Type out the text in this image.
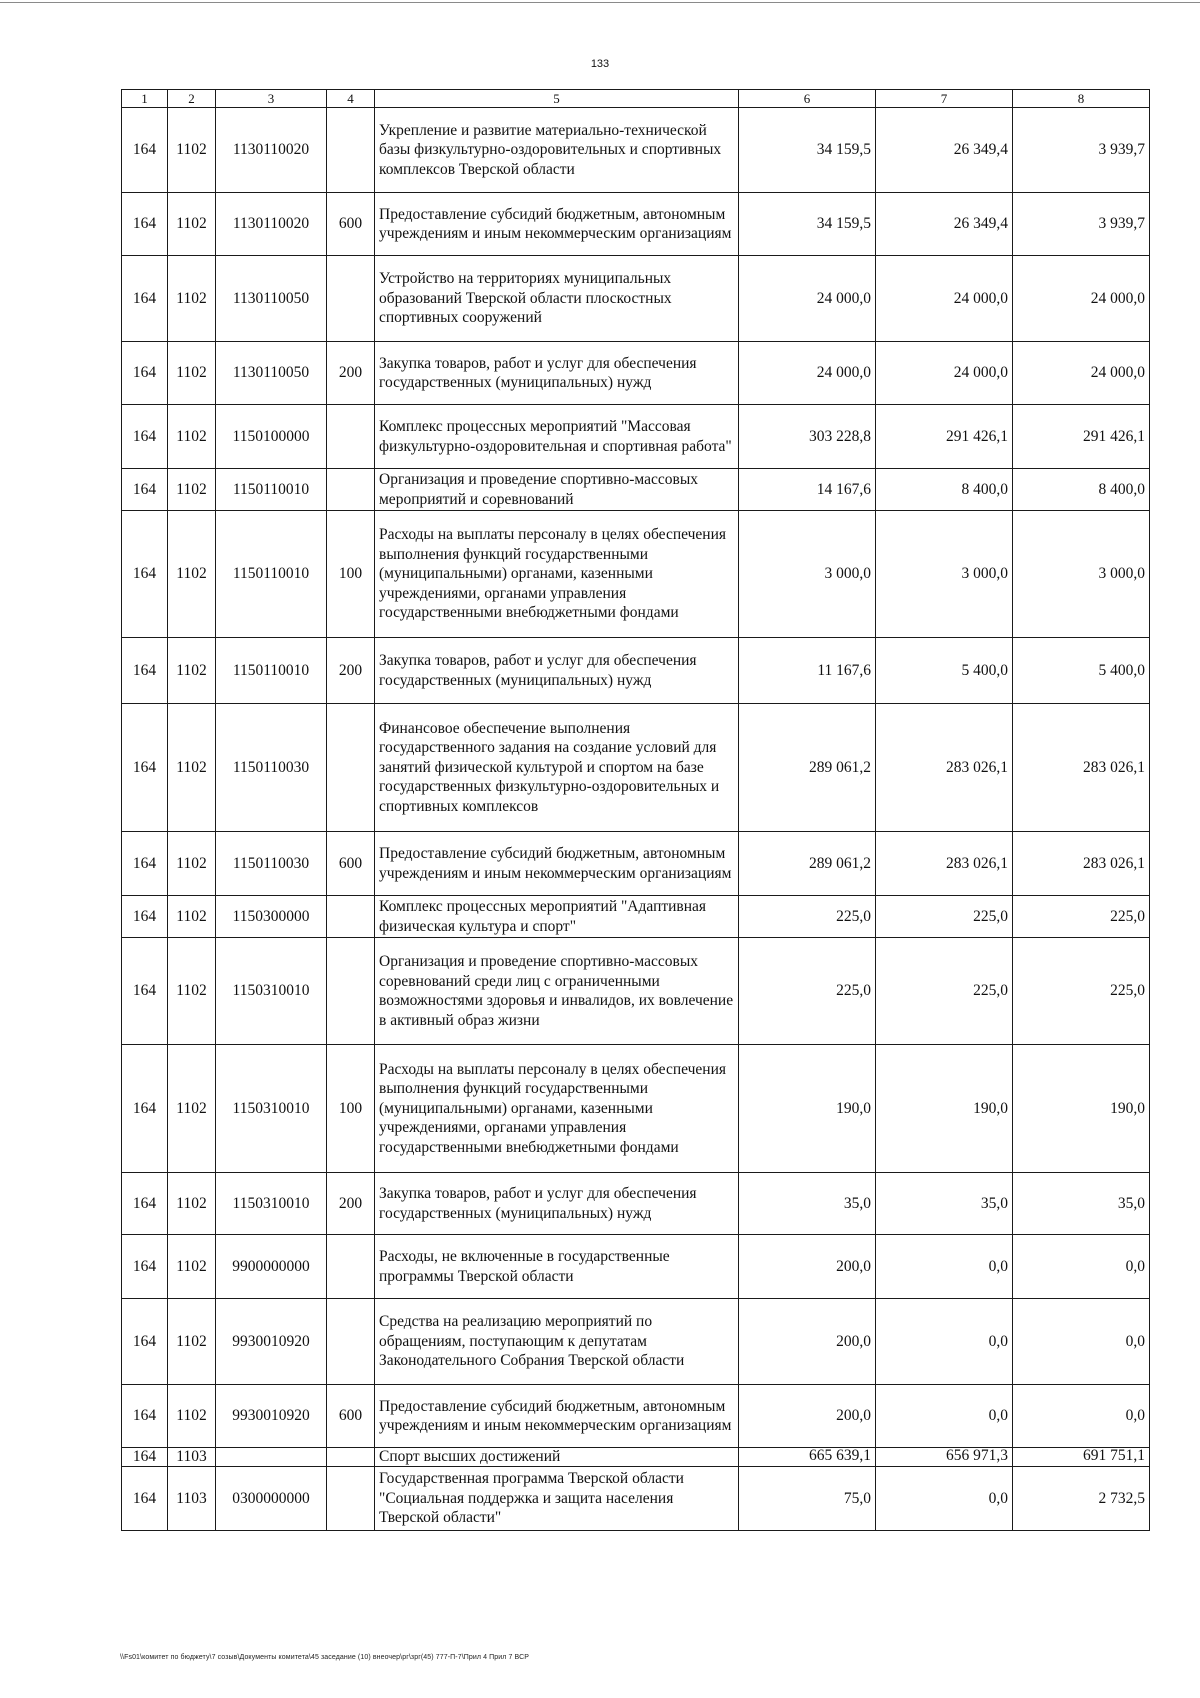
133
1	2	3	4	5	6	7	8
164	1102	1130110020		Укрепление и развитие материально-технической базы физкультурно-оздоровительных и спортивных комплексов Тверской области	34 159,5	26 349,4	3 939,7
164	1102	1130110020	600	Предоставление субсидий бюджетным, автономным учреждениям и иным некоммерческим организациям	34 159,5	26 349,4	3 939,7
164	1102	1130110050		Устройство на территориях муниципальных образований Тверской области плоскостных спортивных сооружений	24 000,0	24 000,0	24 000,0
164	1102	1130110050	200	Закупка товаров, работ и услуг для обеспечения государственных (муниципальных) нужд	24 000,0	24 000,0	24 000,0
164	1102	1150100000		Комплекс процессных мероприятий "Массовая физкультурно-оздоровительная и спортивная работа"	303 228,8	291 426,1	291 426,1
164	1102	1150110010		Организация и проведение спортивно-массовых мероприятий и соревнований	14 167,6	8 400,0	8 400,0
164	1102	1150110010	100	Расходы на выплаты персоналу в целях обеспечения выполнения функций государственными (муниципальными) органами, казенными учреждениями, органами управления государственными внебюджетными фондами	3 000,0	3 000,0	3 000,0
164	1102	1150110010	200	Закупка товаров, работ и услуг для обеспечения государственных (муниципальных) нужд	11 167,6	5 400,0	5 400,0
164	1102	1150110030		Финансовое обеспечение выполнения государственного задания на создание условий для занятий физической культурой и спортом на базе государственных физкультурно-оздоровительных и спортивных комплексов	289 061,2	283 026,1	283 026,1
164	1102	1150110030	600	Предоставление субсидий бюджетным, автономным учреждениям и иным некоммерческим организациям	289 061,2	283 026,1	283 026,1
164	1102	1150300000		Комплекс процессных мероприятий "Адаптивная физическая культура и спорт"	225,0	225,0	225,0
164	1102	1150310010		Организация и проведение спортивно-массовых соревнований среди лиц с ограниченными возможностями здоровья и инвалидов, их вовлечение в активный образ жизни	225,0	225,0	225,0
164	1102	1150310010	100	Расходы на выплаты персоналу в целях обеспечения выполнения функций государственными (муниципальными) органами, казенными учреждениями, органами управления государственными внебюджетными фондами	190,0	190,0	190,0
164	1102	1150310010	200	Закупка товаров, работ и услуг для обеспечения государственных (муниципальных) нужд	35,0	35,0	35,0
164	1102	9900000000		Расходы, не включенные в государственные программы Тверской области	200,0	0,0	0,0
164	1102	9930010920		Средства на реализацию мероприятий по обращениям, поступающим к депутатам Законодательного Собрания Тверской области	200,0	0,0	0,0
164	1102	9930010920	600	Предоставление субсидий бюджетным, автономным учреждениям и иным некоммерческим организациям	200,0	0,0	0,0
164	1103			Спорт высших достижений	665 639,1	656 971,3	691 751,1
164	1103	0300000000		Государственная программа Тверской области "Социальная поддержка и защита населения Тверской области"	75,0	0,0	2 732,5
\\Fs01\комитет по бюджету\7 созыв\Документы комитета\45 заседание (10) внеочер\рг\зрг(45) 777-П-7\Прил 4 Прил 7 ВСР
